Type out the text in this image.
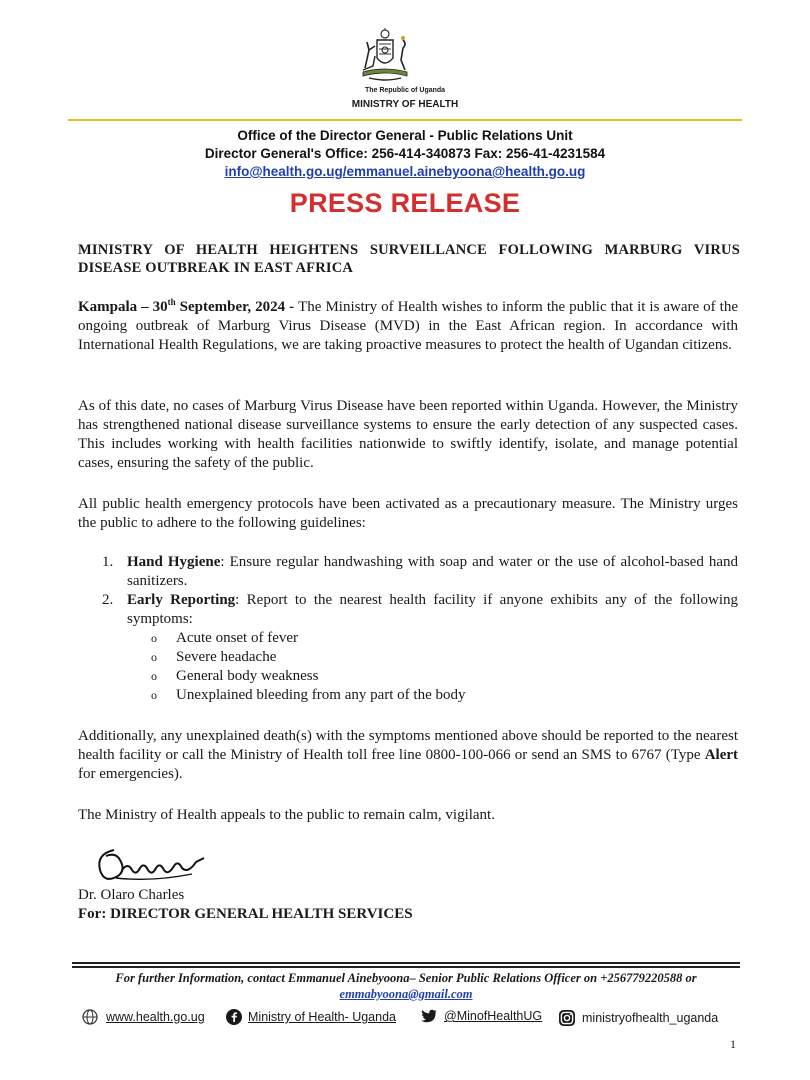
The Republic of Uganda
MINISTRY OF HEALTH
Office of the Director General - Public Relations Unit
Director General's Office: 256-414-340873 Fax: 256-41-4231584
info@health.go.ug/emmanuel.ainebyoona@health.go.ug
PRESS RELEASE
MINISTRY OF HEALTH HEIGHTENS SURVEILLANCE FOLLOWING MARBURG VIRUS DISEASE OUTBREAK IN EAST AFRICA
Kampala – 30th September, 2024 - The Ministry of Health wishes to inform the public that it is aware of the ongoing outbreak of Marburg Virus Disease (MVD) in the East African region. In accordance with International Health Regulations, we are taking proactive measures to protect the health of Ugandan citizens.
As of this date, no cases of Marburg Virus Disease have been reported within Uganda. However, the Ministry has strengthened national disease surveillance systems to ensure the early detection of any suspected cases. This includes working with health facilities nationwide to swiftly identify, isolate, and manage potential cases, ensuring the safety of the public.
All public health emergency protocols have been activated as a precautionary measure. The Ministry urges the public to adhere to the following guidelines:
1. Hand Hygiene: Ensure regular handwashing with soap and water or the use of alcohol-based hand sanitizers.
2. Early Reporting: Report to the nearest health facility if anyone exhibits any of the following symptoms:
o Acute onset of fever
o Severe headache
o General body weakness
o Unexplained bleeding from any part of the body
Additionally, any unexplained death(s) with the symptoms mentioned above should be reported to the nearest health facility or call the Ministry of Health toll free line 0800-100-066 or send an SMS to 6767 (Type Alert for emergencies).
The Ministry of Health appeals to the public to remain calm, vigilant.
Dr. Olaro Charles
For: DIRECTOR GENERAL HEALTH SERVICES
For further Information, contact Emmanuel Ainebyoona– Senior Public Relations Officer on +256779220588 or
emmabyoona@gmail.com
www.health.go.ug	Ministry of Health- Uganda	@MinofHealthUG	ministryofhealth_uganda
1
